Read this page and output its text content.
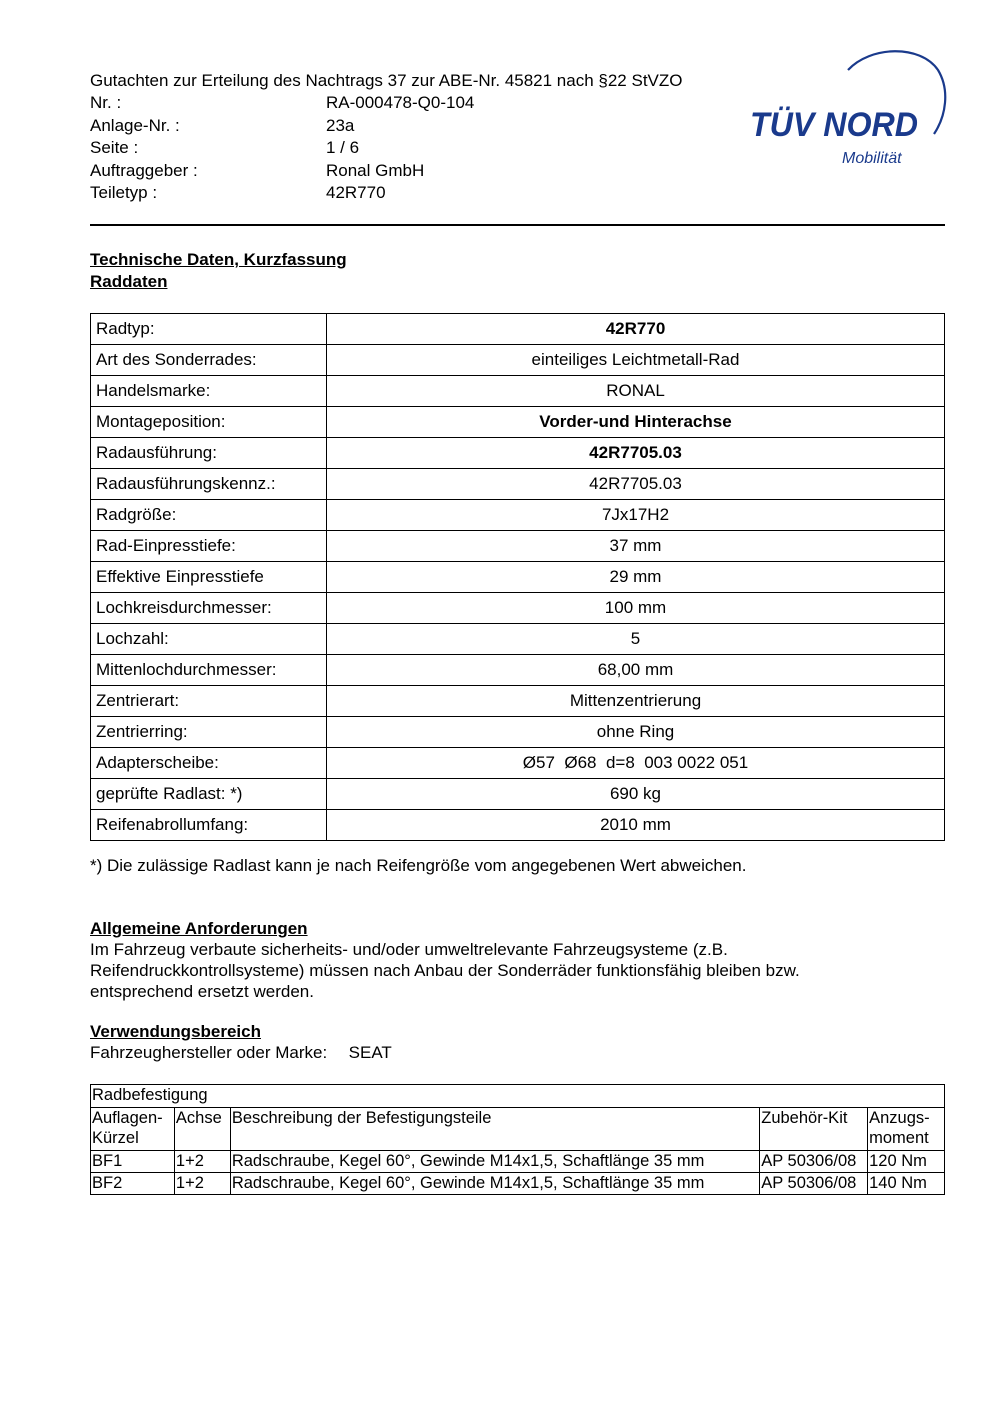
Gutachten zur Erteilung des Nachtrags 37 zur ABE-Nr. 45821 nach §22 StVZO
Nr. :	RA-000478-Q0-104
Anlage-Nr. :	23a
Seite :	1 / 6
Auftraggeber :	Ronal GmbH
Teiletyp :	42R770
TÜV NORD
Mobilität
Technische Daten, Kurzfassung
Raddaten
Radtyp:	42R770
Art des Sonderrades:	einteiliges Leichtmetall-Rad
Handelsmarke:	RONAL
Montageposition:	Vorder-und Hinterachse
Radausführung:	42R7705.03
Radausführungskennz.:	42R7705.03
Radgröße:	7Jx17H2
Rad-Einpresstiefe:	37 mm
Effektive Einpresstiefe	29 mm
Lochkreisdurchmesser:	100 mm
Lochzahl:	5
Mittenlochdurchmesser:	68,00 mm
Zentrierart:	Mittenzentrierung
Zentrierring:	ohne Ring
Adapterscheibe:	Ø57  Ø68  d=8  003 0022 051
geprüfte Radlast: *)	690 kg
Reifenabrollumfang:	2010 mm
*) Die zulässige Radlast kann je nach Reifengröße vom angegebenen Wert abweichen.
Allgemeine Anforderungen
Im Fahrzeug verbaute sicherheits- und/oder umweltrelevante Fahrzeugsysteme (z.B. Reifendruckkontrollsysteme) müssen nach Anbau der Sonderräder funktionsfähig bleiben bzw. entsprechend ersetzt werden.
Verwendungsbereich
Fahrzeughersteller oder Marke: SEAT
Radbefestigung				
Auflagen-
Kürzel	Achse	Beschreibung der Befestigungsteile	Zubehör-Kit	Anzugs-
moment
BF1	1+2	Radschraube, Kegel 60°, Gewinde M14x1,5, Schaftlänge 35 mm	AP 50306/08	120 Nm
BF2	1+2	Radschraube, Kegel 60°, Gewinde M14x1,5, Schaftlänge 35 mm	AP 50306/08	140 Nm
